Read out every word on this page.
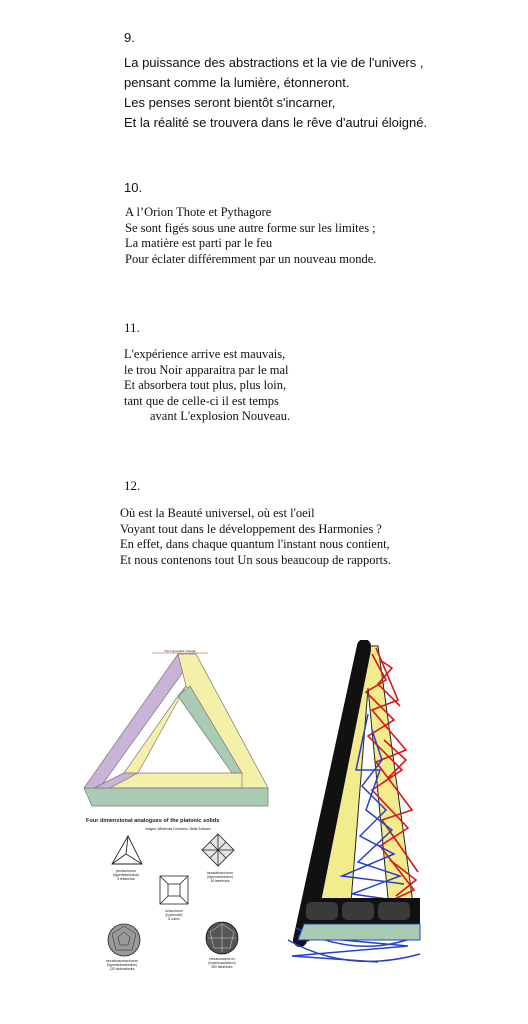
9.
La puissance des abstractions et la vie de l'univers ,
pensant comme la lumière, étonneront.
Les penses seront bientôt s'incarner,
Et la réalité se trouvera dans le rêve d'autrui éloigné.
10.
A l’Orion Thote et Pythagore
Se sont figés sous une autre forme sur les limites ;
La matière est parti par le feu
Pour éclater différemment par un nouveau monde.
11.
L'expérience arrive est mauvais,
le trou Noir apparaitra par le mal
Et absorbera tout plus, plus loin,
tant que de celle-ci il est temps
avant L'explosion Nouveau.
12.
Où est la Beauté universel, où est l'oeil
Voyant tout dans le développement des Harmonies ?
En effet, dans chaque quantum l'instant nous contient,
Et nous contenons tout Un sous beaucoup de rapports.
The Impossible Triangle
Four dimensional analogues of the platonic solids
Images: Wikimedia Commons, Stella Software
pentachoron
(hypertetrahedron)
5 tetrahedra
hexadecachoron
(hyperoctahedron)
16 tetrahedra
octachoron
(hypercube)
8 cubes
hexacosichoron
(hypericosahedron)
600 tetrahedra
hecatonicosachoron
(hyperdodecahedron)
120 dodecahedra
